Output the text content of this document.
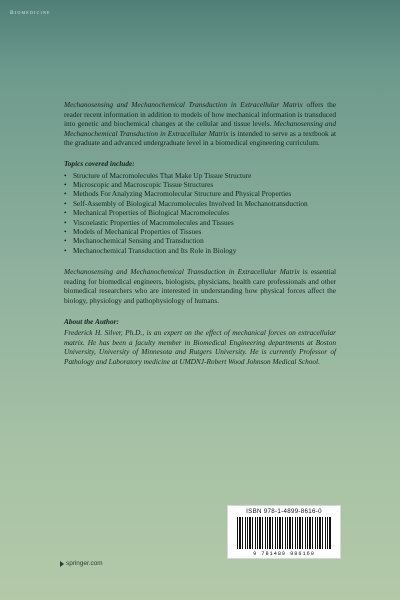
Biomedicine

Mechanosensing and Mechanochemical Transduction in Extracellular Matrix offers the reader recent information in addition to models of how mechanical information is transduced into genetic and biochemical changes at the cellular and tissue levels. Mechanosensing and Mechanochemical Transduction in Extracellular Matrix is intended to serve as a textbook at the graduate and advanced undergraduate level in a biomedical engineering curriculum.

Topics covered include:

• Structure of Macromolecules That Make Up Tissue Structure
• Microscopic and Macroscopic Tissue Structures
• Methods For Analyzing Macromolecular Structure and Physical Properties
• Self-Assembly of Biological Macromolecules Involved In Mechanotransduction
• Mechanical Properties of Biological Macromolecules
• Viscoelastic Properties of Macromolecules and Tissues
• Models of Mechanical Properties of Tissues
• Mechanochemical Sensing and Transduction
• Mechanochemical Transduction and Its Role in Biology

Mechanosensing and Mechanochemical Transduction in Extracellular Matrix is essential reading for biomedical engineers, biologists, physicians, health care professionals and other biomedical researchers who are interested in understanding how physical forces affect the biology, physiology and pathophysiology of humans.

About the Author:

Frederick H. Silver, Ph.D., is an expert on the effect of mechanical forces on extracellular matrix. He has been a faculty member in Biomedical Engineering departments at Boston University, University of Minnesota and Rutgers University. He is currently Professor of Pathology and Laboratory medicine at UMDNJ-Robert Wood Johnson Medical School.

ISBN 978-1-4899-8616-0
9 781489 986160
springer.com
